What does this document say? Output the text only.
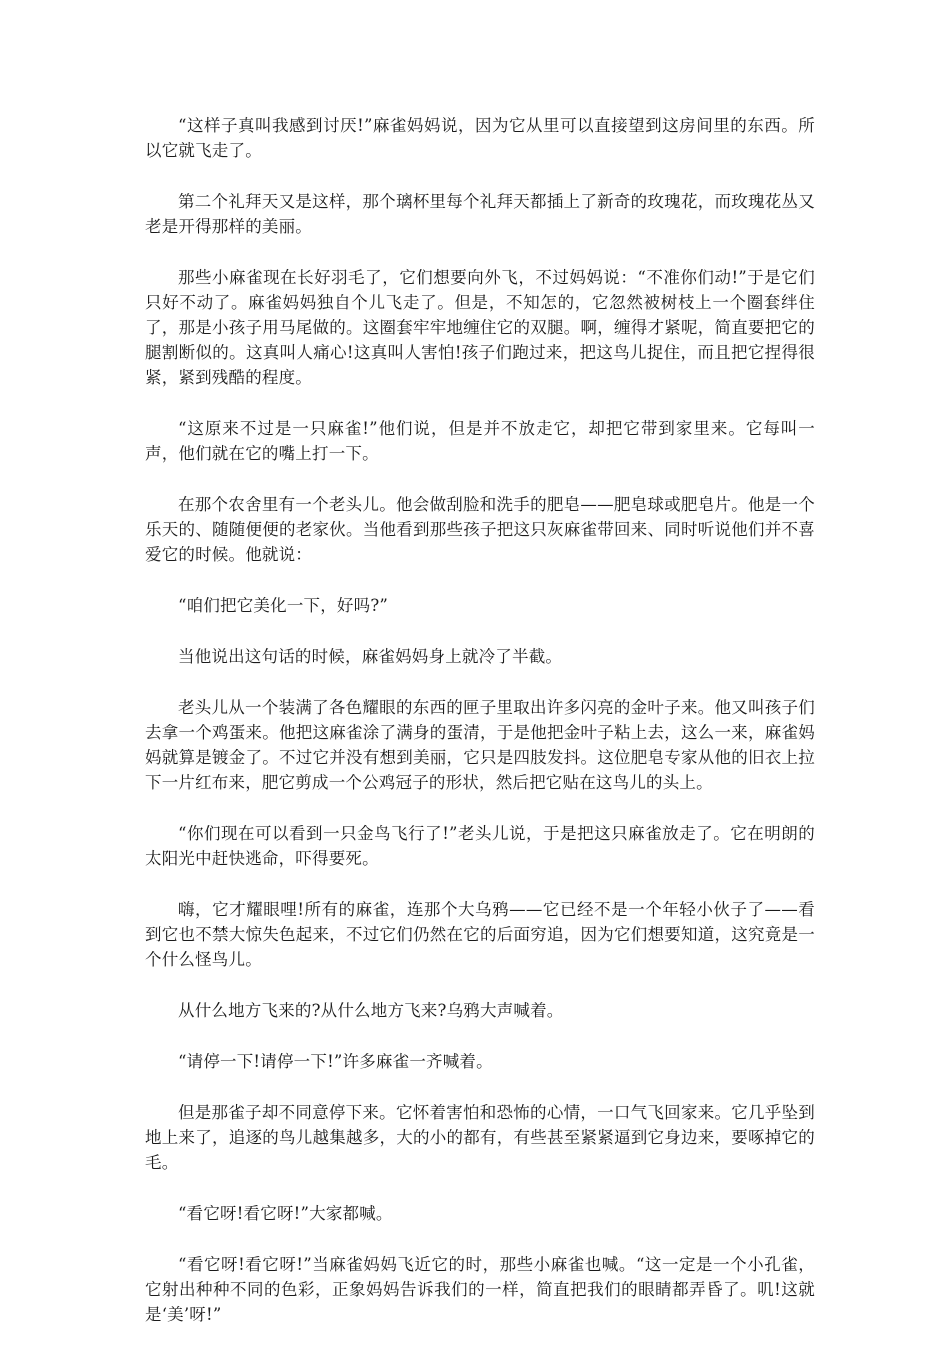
“这样子真叫我感到讨厌!”麻雀妈妈说，因为它从里可以直接望到这房间里的东西。所以它就飞走了。

第二个礼拜天又是这样，那个璃杯里每个礼拜天都插上了新奇的玫瑰花，而玫瑰花丛又老是开得那样的美丽。

那些小麻雀现在长好羽毛了，它们想要向外飞，不过妈妈说：“不准你们动!”于是它们只好不动了。麻雀妈妈独自个儿飞走了。但是，不知怎的，它忽然被树枝上一个圈套绊住了，那是小孩子用马尾做的。这圈套牢牢地缠住它的双腿。啊，缠得才紧呢，简直要把它的腿割断似的。这真叫人痛心!这真叫人害怕!孩子们跑过来，把这鸟儿捉住，而且把它捏得很紧，紧到残酷的程度。

“这原来不过是一只麻雀!”他们说，但是并不放走它，却把它带到家里来。它每叫一声，他们就在它的嘴上打一下。

在那个农舍里有一个老头儿。他会做刮脸和洗手的肥皂——肥皂球或肥皂片。他是一个乐天的、随随便便的老家伙。当他看到那些孩子把这只灰麻雀带回来、同时听说他们并不喜爱它的时候。他就说：

“咱们把它美化一下，好吗?”

当他说出这句话的时候，麻雀妈妈身上就冷了半截。

老头儿从一个装满了各色耀眼的东西的匣子里取出许多闪亮的金叶子来。他又叫孩子们去拿一个鸡蛋来。他把这麻雀涂了满身的蛋清，于是他把金叶子粘上去，这么一来，麻雀妈妈就算是镀金了。不过它并没有想到美丽，它只是四肢发抖。这位肥皂专家从他的旧衣上拉下一片红布来，肥它剪成一个公鸡冠子的形状，然后把它贴在这鸟儿的头上。

“你们现在可以看到一只金鸟飞行了!”老头儿说，于是把这只麻雀放走了。它在明朗的太阳光中赶快逃命，吓得要死。

嗨，它才耀眼哩!所有的麻雀，连那个大乌鸦——它已经不是一个年轻小伙子了——看到它也不禁大惊失色起来，不过它们仍然在它的后面穷追，因为它们想要知道，这究竟是一个什么怪鸟儿。

从什么地方飞来的?从什么地方飞来?乌鸦大声喊着。

“请停一下!请停一下!”许多麻雀一齐喊着。

但是那雀子却不同意停下来。它怀着害怕和恐怖的心情，一口气飞回家来。它几乎坠到地上来了，追逐的鸟儿越集越多，大的小的都有，有些甚至紧紧逼到它身边来，要啄掉它的毛。

“看它呀!看它呀!”大家都喊。

“看它呀!看它呀!”当麻雀妈妈飞近它的时，那些小麻雀也喊。“这一定是一个小孔雀，它射出种种不同的色彩，正象妈妈告诉我们的一样，简直把我们的眼睛都弄昏了。叽!这就是‘美’呀!”
